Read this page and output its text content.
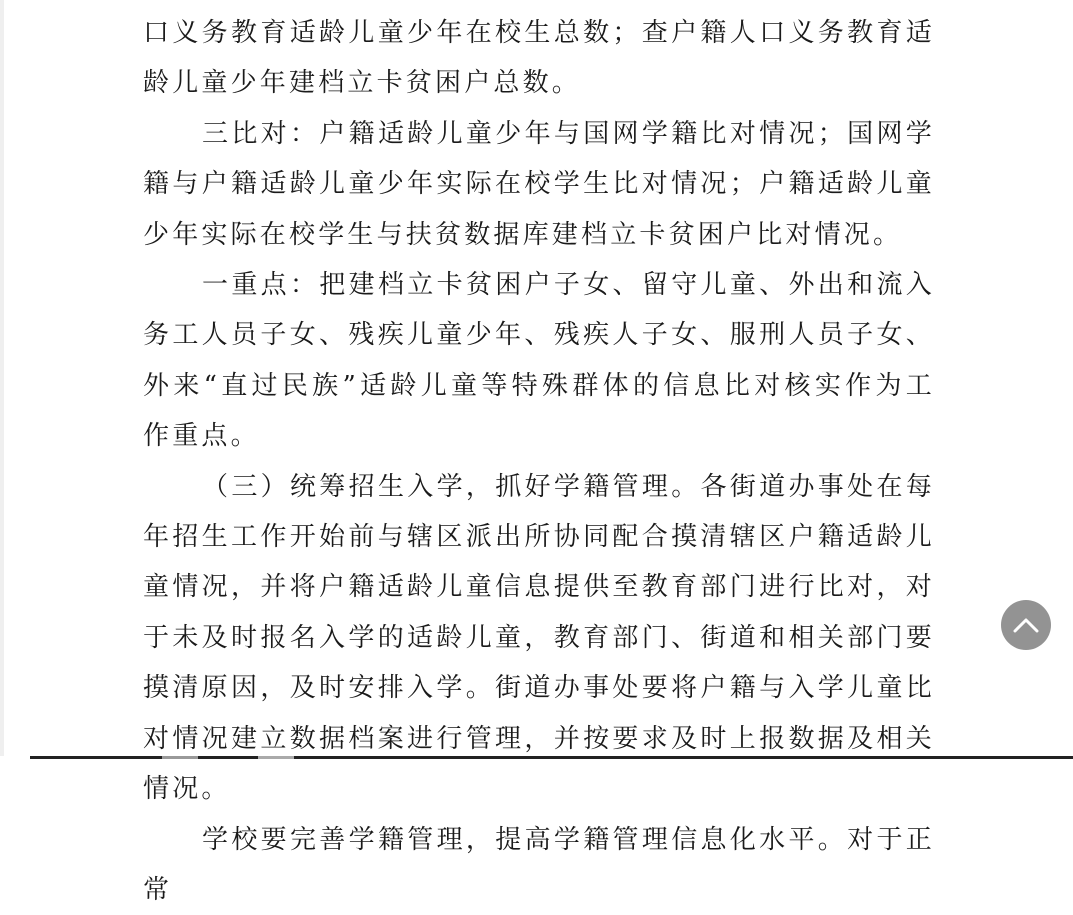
口义务教育适龄儿童少年在校生总数；查户籍人口义务教育适龄儿童少年建档立卡贫困户总数。

三比对：户籍适龄儿童少年与国网学籍比对情况；国网学籍与户籍适龄儿童少年实际在校学生比对情况；户籍适龄儿童少年实际在校学生与扶贫数据库建档立卡贫困户比对情况。

一重点：把建档立卡贫困户子女、留守儿童、外出和流入务工人员子女、残疾儿童少年、残疾人子女、服刑人员子女、外来“直过民族”适龄儿童等特殊群体的信息比对核实作为工作重点。

（三）统筹招生入学，抓好学籍管理。各街道办事处在每年招生工作开始前与辖区派出所协同配合摸清辖区户籍适龄儿童情况，并将户籍适龄儿童信息提供至教育部门进行比对，对于未及时报名入学的适龄儿童，教育部门、街道和相关部门要摸清原因，及时安排入学。街道办事处要将户籍与入学儿童比对情况建立数据档案进行管理，并按要求及时上报数据及相关情况。

学校要完善学籍管理，提高学籍管理信息化水平。对于正常
